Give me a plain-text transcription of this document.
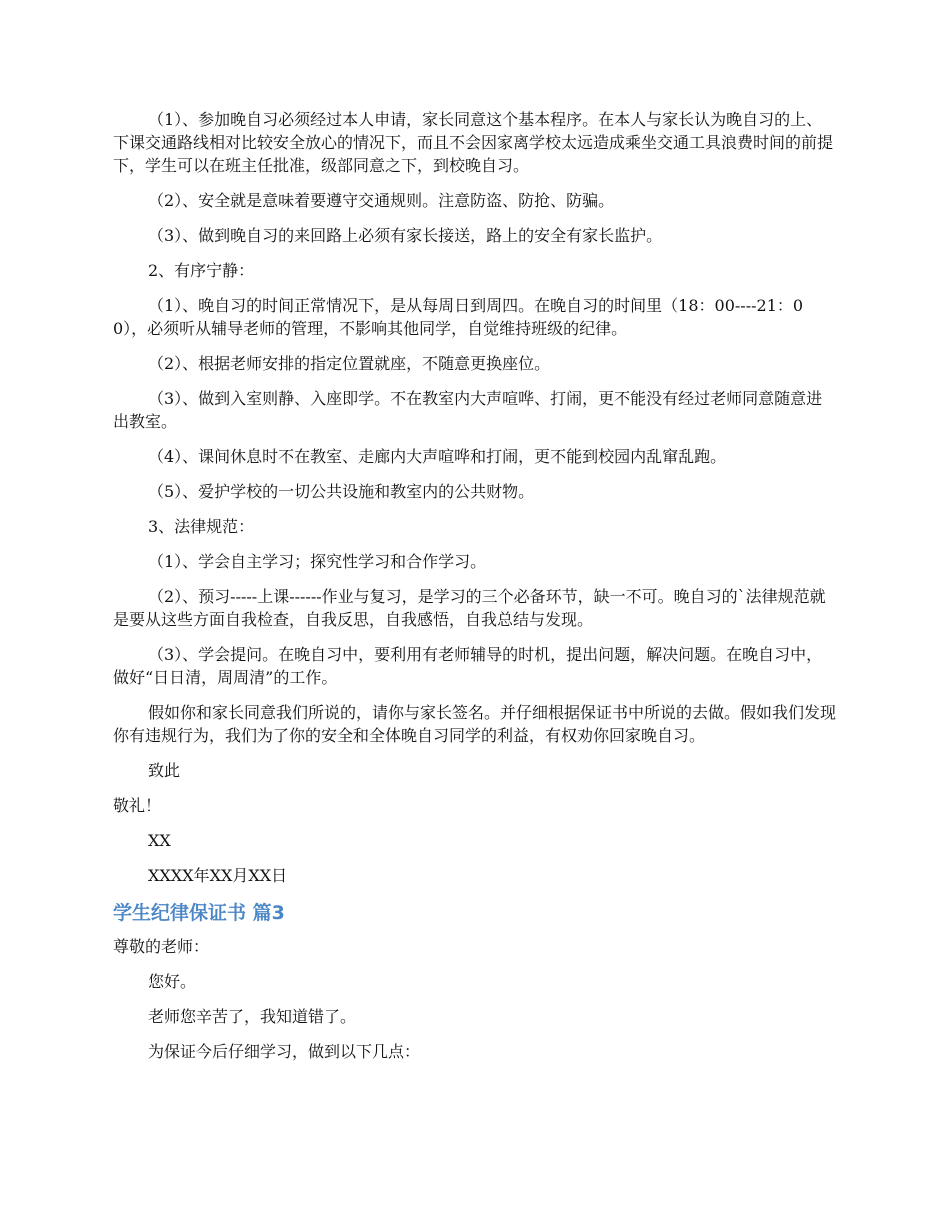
（1）、参加晚自习必须经过本人申请，家长同意这个基本程序。在本人与家长认为晚自习的上、下课交通路线相对比较安全放心的情况下，而且不会因家离学校太远造成乘坐交通工具浪费时间的前提下，学生可以在班主任批准，级部同意之下，到校晚自习。

（2）、安全就是意味着要遵守交通规则。注意防盗、防抢、防骗。

（3）、做到晚自习的来回路上必须有家长接送，路上的安全有家长监护。

2、有序宁静：

（1）、晚自习的时间正常情况下，是从每周日到周四。在晚自习的时间里（18：00----21：00），必须听从辅导老师的管理，不影响其他同学，自觉维持班级的纪律。

（2）、根据老师安排的指定位置就座，不随意更换座位。

（3）、做到入室则静、入座即学。不在教室内大声喧哗、打闹，更不能没有经过老师同意随意进出教室。

（4）、课间休息时不在教室、走廊内大声喧哗和打闹，更不能到校园内乱窜乱跑。

（5）、爱护学校的一切公共设施和教室内的公共财物。

3、法律规范：

（1）、学会自主学习；探究性学习和合作学习。

（2）、预习-----上课------作业与复习，是学习的三个必备环节，缺一不可。晚自习的`法律规范就是要从这些方面自我检查，自我反思，自我感悟，自我总结与发现。

（3）、学会提问。在晚自习中，要利用有老师辅导的时机，提出问题，解决问题。在晚自习中，做好“日日清，周周清”的工作。

假如你和家长同意我们所说的，请你与家长签名。并仔细根据保证书中所说的去做。假如我们发现你有违规行为，我们为了你的安全和全体晚自习同学的利益，有权劝你回家晚自习。

致此

敬礼！

XX

XXXX年XX月XX日

学生纪律保证书 篇3

尊敬的老师：

您好。

老师您辛苦了，我知道错了。

为保证今后仔细学习，做到以下几点：
